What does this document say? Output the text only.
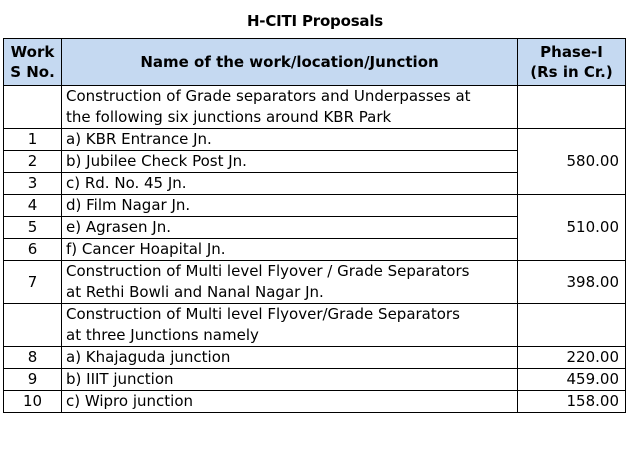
H-CITI Proposals
Work
S No.	Name of the work/location/Junction	Phase-I
(Rs in Cr.)
	Construction of Grade separators and Underpasses at
the following six junctions around KBR Park	
1	a) KBR Entrance Jn.	580.00
2	b) Jubilee Check Post Jn.	
3	c) Rd. No. 45 Jn.	
4	d) Film Nagar Jn.	510.00
5	e) Agrasen Jn.	
6	f) Cancer Hoapital Jn.	
7	Construction of Multi level Flyover / Grade Separators
at Rethi Bowli and Nanal Nagar Jn.	398.00
	Construction of Multi level Flyover/Grade Separators
at three Junctions namely	
8	a) Khajaguda junction	220.00
9	b) IIIT junction	459.00
10	c) Wipro junction	158.00
